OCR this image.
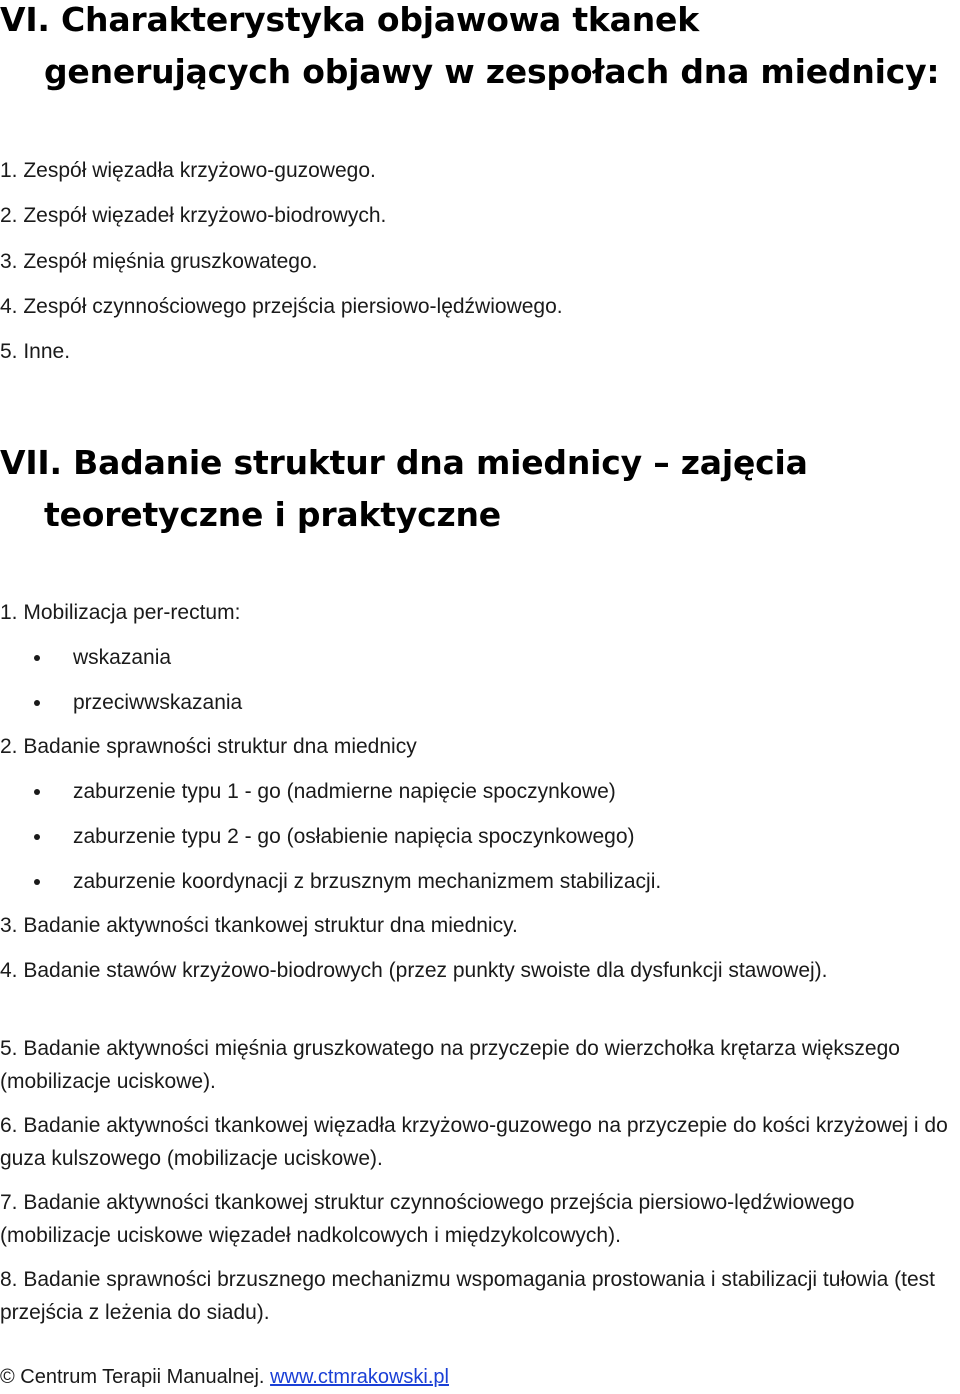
VI. Charakterystyka objawowa tkanek
generujących objawy w zespołach dna miednicy:

1. Zespół więzadła krzyżowo-guzowego.

2. Zespół więzadeł krzyżowo-biodrowych.

3. Zespół mięśnia gruszkowatego.

4. Zespół czynnościowego przejścia piersiowo-lędźwiowego.

5. Inne.

VII. Badanie struktur dna miednicy – zajęcia
teoretyczne i praktyczne

1. Mobilizacja per-rectum:

wskazania
przeciwwskazania

2. Badanie sprawności struktur dna miednicy

zaburzenie typu 1 - go (nadmierne napięcie spoczynkowe)
zaburzenie typu 2 - go (osłabienie napięcia spoczynkowego)
zaburzenie koordynacji z brzusznym mechanizmem stabilizacji.

3. Badanie aktywności tkankowej struktur dna miednicy.

4. Badanie stawów krzyżowo-biodrowych (przez punkty swoiste dla dysfunkcji stawowej).

5. Badanie aktywności mięśnia gruszkowatego na przyczepie do wierzchołka krętarza większego (mobilizacje uciskowe).

6. Badanie aktywności tkankowej więzadła krzyżowo-guzowego na przyczepie do kości krzyżowej i do guza kulszowego (mobilizacje uciskowe).

7. Badanie aktywności tkankowej struktur czynnościowego przejścia piersiowo-lędźwiowego (mobilizacje uciskowe więzadeł nadkolcowych i międzykolcowych).

8. Badanie sprawności brzusznego mechanizmu wspomagania prostowania i stabilizacji tułowia (test przejścia z leżenia do siadu).

© Centrum Terapii Manualnej. www.ctmrakowski.pl
